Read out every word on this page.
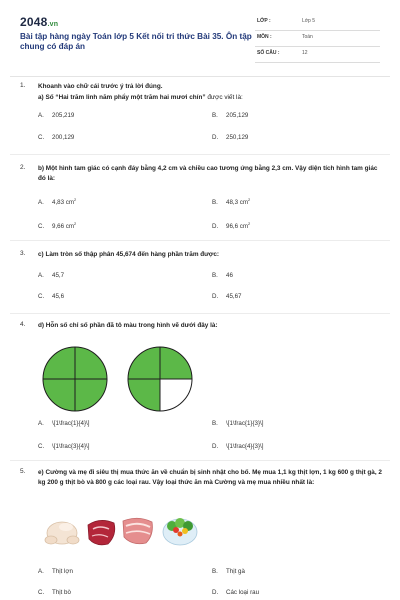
2048.vn
Bài tập hàng ngày Toán lớp 5 Kết nối tri thức Bài 35. Ôn tập chung có đáp án
LỚP :	Lớp 5
MÔN :	Toán
SỐ CÂU :	12
1. Khoanh vào chữ cái trước ý trả lời đúng.
a) Số “Hai trăm linh năm phẩy một trăm hai mươi chín” được viết là:
A. 205,219	B. 205,129
C. 200,129	D. 250,129
2. b) Một hình tam giác có cạnh đáy bằng 4,2 cm và chiều cao tương ứng bằng 2,3 cm. Vậy diện tích hình tam giác đó là:
A. 4,83 $cm^2$	B. 48,3 $cm^2$
C. 9,66 $cm^2$	D. 96,6 $cm^2$
3. c) Làm tròn số thập phân 45,674 đến hàng phần trăm được:
A. 45,7	B. 46
C. 45,6	D. 45,67
4. d) Hỗn số chỉ số phần đã tô màu trong hình vẽ dưới đây là:
A. \[1\frac{1}{4}\]	B. \[1\frac{1}{3}\]
C. \[1\frac{3}{4}\]	D. \[1\frac{4}{3}\]
5. e) Cường và mẹ đi siêu thị mua thức ăn về chuẩn bị sinh nhật cho bố. Mẹ mua 1,1 kg thịt lợn, 1 kg 600 g thịt gà, 2 kg 200 g thịt bò và 800 g các loại rau. Vậy loại thức ăn mà Cường và mẹ mua nhiều nhất là:
A. Thịt lợn	B. Thịt gà
C. Thịt bò	D. Các loại rau
